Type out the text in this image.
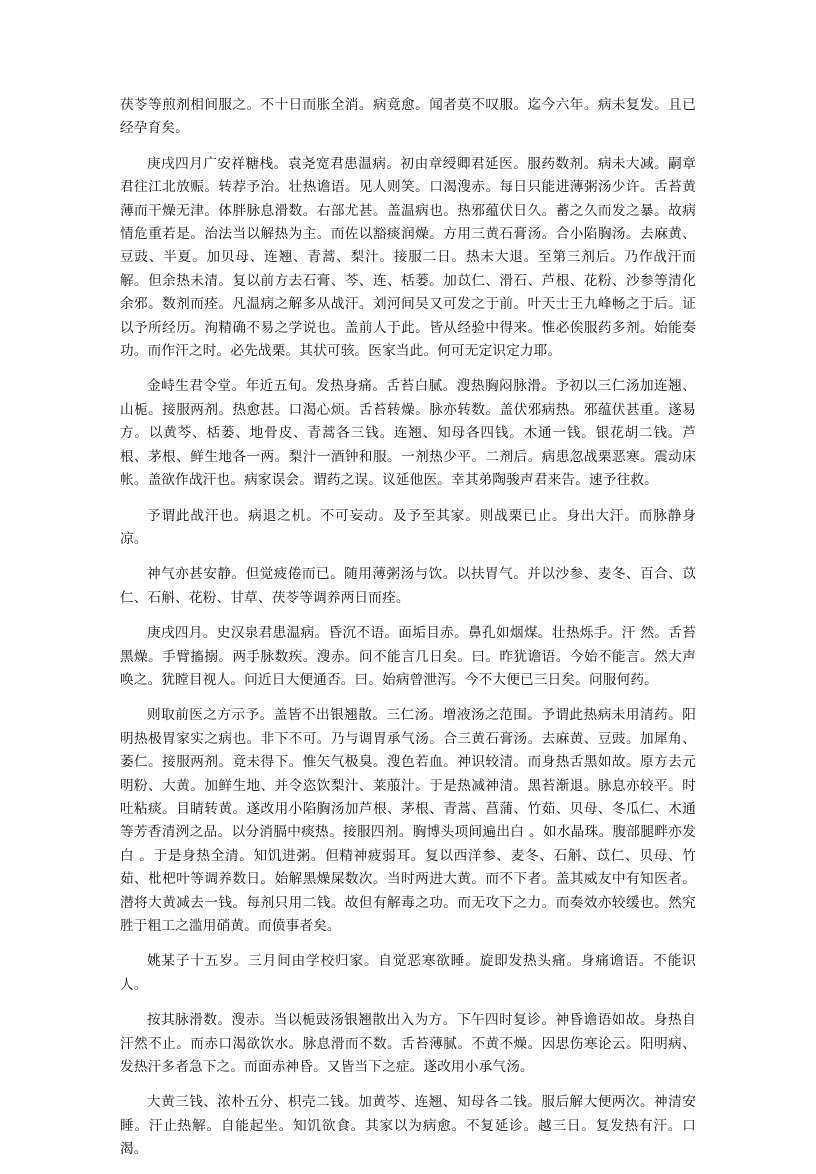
茯苓等煎剂相间服之。不十日而胀全消。病竟愈。闻者莫不叹服。迄今六年。病未复发。且已经孕育矣。

庚戌四月广安祥糖栈。袁尧宽君患温病。初由章绶卿君延医。服药数剂。病未大减。嗣章君往江北放赈。转荐予治。壮热谵语。见人则笑。口渴溲赤。每日只能进薄粥汤少许。舌苔黄薄而干燥无津。体胖脉息滑数。右部尤甚。盖温病也。热邪蕴伏日久。蓄之久而发之暴。故病情危重若是。治法当以解热为主。而佐以豁痰润燥。方用三黄石膏汤。合小陷胸汤。去麻黄、豆豉、半夏。加贝母、连翘、青蒿、梨汁。接服二日。热未大退。至第三剂后。乃作战汗而解。但余热未清。复以前方去石膏、芩、连、栝蒌。加苡仁、滑石、芦根、花粉、沙参等清化余邪。数剂而痊。凡温病之解多从战汗。刘河间吴又可发之于前。叶天士王九峰畅之于后。证以予所经历。洵精确不易之学说也。盖前人于此。皆从经验中得来。惟必俟服药多剂。始能奏功。而作汗之时。必先战栗。其状可骇。医家当此。何可无定识定力耶。

金峙生君令堂。年近五旬。发热身痛。舌苔白腻。溲热胸闷脉滑。予初以三仁汤加连翘、山栀。接服两剂。热愈甚。口渴心烦。舌苔转燥。脉亦转数。盖伏邪病热。邪蕴伏甚重。遂易方。以黄芩、栝蒌、地骨皮、青蒿各三钱。连翘、知母各四钱。木通一钱。银花胡二钱。芦根、茅根、鲜生地各一两。梨汁一酒钟和服。一剂热少平。二剂后。病患忽战栗恶寒。震动床帐。盖欲作战汗也。病家误会。谓药之误。议延他医。幸其弟陶骏声君来告。速予往救。

予谓此战汗也。病退之机。不可妄动。及予至其家。则战栗已止。身出大汗。而脉静身凉。

神气亦甚安静。但觉疲倦而已。随用薄粥汤与饮。以扶胃气。并以沙参、麦冬、百合、苡仁、石斛、花粉、甘草、茯苓等调养两日而痊。

庚戌四月。史汉泉君患温病。昏沉不语。面垢目赤。鼻孔如烟煤。壮热烁手。汗 然。舌苔黑燥。手臂搐搦。两手脉数疾。溲赤。问不能言几日矣。曰。昨犹谵语。今始不能言。然大声唤之。犹瞠目视人。问近日大便通否。曰。始病曾泄泻。今不大便已三日矣。问服何药。

则取前医之方示予。盖皆不出银翘散。三仁汤。增液汤之范围。予谓此热病未用清药。阳明热极胃家实之病也。非下不可。乃与调胃承气汤。合三黄石膏汤。去麻黄、豆豉。加犀角、萎仁。接服两剂。竟未得下。惟矢气极臭。溲色若血。神识较清。而身热舌黑如故。原方去元明粉、大黄。加鲜生地、并令恣饮梨汁、莱菔汁。于是热减神清。黑苔渐退。脉息亦较平。时吐粘痰。目睛转黄。遂改用小陷胸汤加芦根、茅根、青蒿、菖蒲、竹茹、贝母、冬瓜仁、木通等芳香清洌之品。以分消膈中痰热。接服四剂。胸博头项间遍出白 。如水晶珠。腹部腿畔亦发白 。于是身热全清。知饥进粥。但精神疲弱耳。复以西洋参、麦冬、石斛、苡仁、贝母、竹茹、枇杷叶等调养数日。始解黑燥屎数次。当时两进大黄。而不下者。盖其威友中有知医者。潜将大黄减去一钱。每剂只用二钱。故但有解毒之功。而无攻下之力。而奏效亦较缓也。然究胜于粗工之滥用硝黄。而偾事者矣。

姚某子十五岁。三月间由学校归家。自觉恶寒欲睡。旋即发热头痛。身痛谵语。不能识人。

按其脉滑数。溲赤。当以栀豉汤银翘散出入为方。下午四时复诊。神昏谵语如故。身热自汗然不止。而赤口渴欲饮水。脉息滑而不数。舌苔薄腻。不黄不燥。因思伤寒论云。阳明病、发热汗多者急下之。而面赤神昏。又皆当下之症。遂改用小承气汤。

大黄三钱、浓朴五分、枳壳二钱。加黄芩、连翘、知母各二钱。服后解大便两次。神清安睡。汗止热解。自能起坐。知饥欲食。其家以为病愈。不复延诊。越三日。复发热有汗。口渴。
